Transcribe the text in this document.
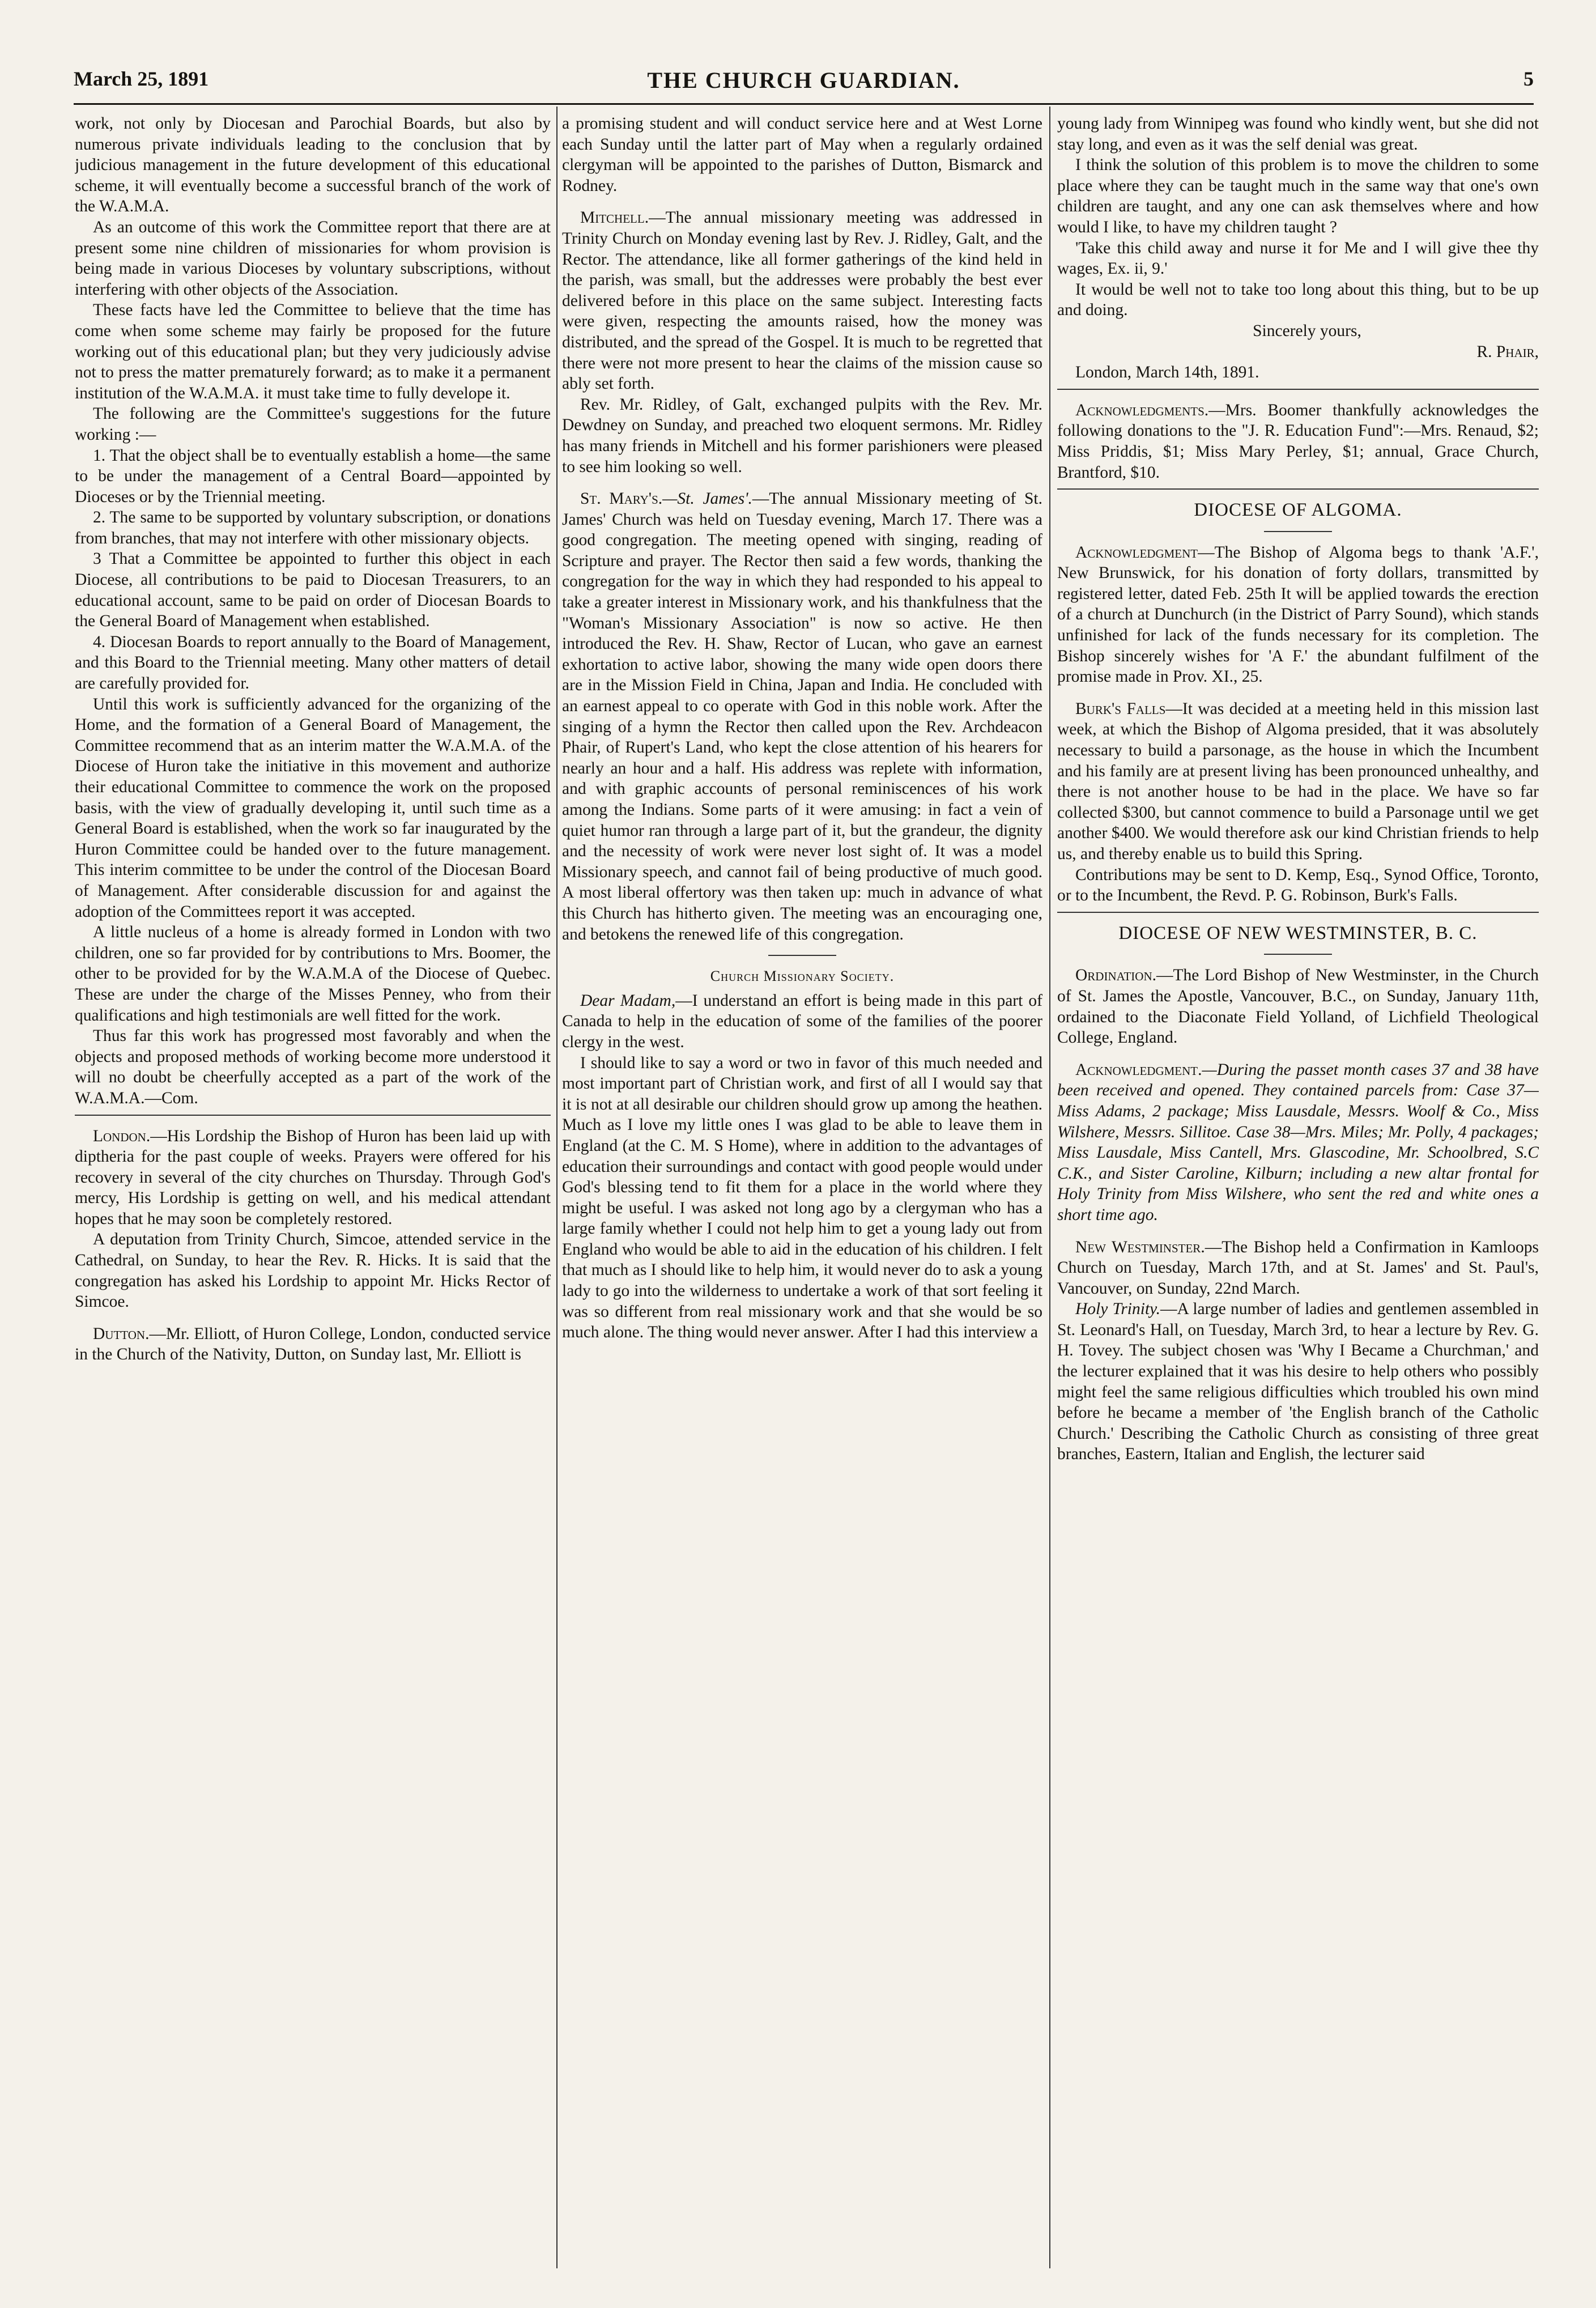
March 25, 1891	THE CHURCH GUARDIAN.	5

work, not only by Diocesan and Parochial Boards, but also by numerous private individuals leading to the conclusion that by judicious management in the future development of this educational scheme, it will eventually become a successful branch of the work of the W.A.M.A.

As an outcome of this work the Committee report that there are at present some nine children of missionaries for whom provision is being made in various Dioceses by voluntary subscriptions, without interfering with other objects of the Association.

These facts have led the Committee to believe that the time has come when some scheme may fairly be proposed for the future working out of this educational plan; but they very judiciously advise not to press the matter prematurely forward; as to make it a permanent institution of the W.A.M.A. it must take time to fully develope it.

The following are the Committee's suggestions for the future working :—

1. That the object shall be to eventually establish a home—the same to be under the management of a Central Board—appointed by Dioceses or by the Triennial meeting.

2. The same to be supported by voluntary subscription, or donations from branches, that may not interfere with other missionary objects.

3 That a Committee be appointed to further this object in each Diocese, all contributions to be paid to Diocesan Treasurers, to an educational account, same to be paid on order of Diocesan Boards to the General Board of Management when established.

4. Diocesan Boards to report annually to the Board of Management, and this Board to the Triennial meeting. Many other matters of detail are carefully provided for.

Until this work is sufficiently advanced for the organizing of the Home, and the formation of a General Board of Management, the Committee recommend that as an interim matter the W.A.M.A. of the Diocese of Huron take the initiative in this movement and authorize their educational Committee to commence the work on the proposed basis, with the view of gradually developing it, until such time as a General Board is established, when the work so far inaugurated by the Huron Committee could be handed over to the future management. This interim committee to be under the control of the Diocesan Board of Management. After considerable discussion for and against the adoption of the Committees report it was accepted.

A little nucleus of a home is already formed in London with two children, one so far provided for by contributions to Mrs. Boomer, the other to be provided for by the W.A.M.A of the Diocese of Quebec. These are under the charge of the Misses Penney, who from their qualifications and high testimonials are well fitted for the work.

Thus far this work has progressed most favorably and when the objects and proposed methods of working become more understood it will no doubt be cheerfully accepted as a part of the work of the W.A.M.A.—Com.

London.—His Lordship the Bishop of Huron has been laid up with diptheria for the past couple of weeks. Prayers were offered for his recovery in several of the city churches on Thursday. Through God's mercy, His Lordship is getting on well, and his medical attendant hopes that he may soon be completely restored.

A deputation from Trinity Church, Simcoe, attended service in the Cathedral, on Sunday, to hear the Rev. R. Hicks. It is said that the congregation has asked his Lordship to appoint Mr. Hicks Rector of Simcoe.

Dutton.—Mr. Elliott, of Huron College, London, conducted service in the Church of the Nativity, Dutton, on Sunday last, Mr. Elliott is

a promising student and will conduct service here and at West Lorne each Sunday until the latter part of May when a regularly ordained clergyman will be appointed to the parishes of Dutton, Bismarck and Rodney.

Mitchell.—The annual missionary meeting was addressed in Trinity Church on Monday evening last by Rev. J. Ridley, Galt, and the Rector. The attendance, like all former gatherings of the kind held in the parish, was small, but the addresses were probably the best ever delivered before in this place on the same subject. Interesting facts were given, respecting the amounts raised, how the money was distributed, and the spread of the Gospel. It is much to be regretted that there were not more present to hear the claims of the mission cause so ably set forth.

Rev. Mr. Ridley, of Galt, exchanged pulpits with the Rev. Mr. Dewdney on Sunday, and preached two eloquent sermons. Mr. Ridley has many friends in Mitchell and his former parishioners were pleased to see him looking so well.

St. Mary's.—St. James'.—The annual Missionary meeting of St. James' Church was held on Tuesday evening, March 17. There was a good congregation. The meeting opened with singing, reading of Scripture and prayer. The Rector then said a few words, thanking the congregation for the way in which they had responded to his appeal to take a greater interest in Missionary work, and his thankfulness that the "Woman's Missionary Association" is now so active. He then introduced the Rev. H. Shaw, Rector of Lucan, who gave an earnest exhortation to active labor, showing the many wide open doors there are in the Mission Field in China, Japan and India. He concluded with an earnest appeal to co operate with God in this noble work. After the singing of a hymn the Rector then called upon the Rev. Archdeacon Phair, of Rupert's Land, who kept the close attention of his hearers for nearly an hour and a half. His address was replete with information, and with graphic accounts of personal reminiscences of his work among the Indians. Some parts of it were amusing: in fact a vein of quiet humor ran through a large part of it, but the grandeur, the dignity and the necessity of work were never lost sight of. It was a model Missionary speech, and cannot fail of being productive of much good. A most liberal offertory was then taken up: much in advance of what this Church has hitherto given. The meeting was an encouraging one, and betokens the renewed life of this congregation.

Church Missionary Society.

Dear Madam,—I understand an effort is being made in this part of Canada to help in the education of some of the families of the poorer clergy in the west.

I should like to say a word or two in favor of this much needed and most important part of Christian work, and first of all I would say that it is not at all desirable our children should grow up among the heathen. Much as I love my little ones I was glad to be able to leave them in England (at the C. M. S Home), where in addition to the advantages of education their surroundings and contact with good people would under God's blessing tend to fit them for a place in the world where they might be useful. I was asked not long ago by a clergyman who has a large family whether I could not help him to get a young lady out from England who would be able to aid in the education of his children. I felt that much as I should like to help him, it would never do to ask a young lady to go into the wilderness to undertake a work of that sort feeling it was so different from real missionary work and that she would be so much alone. The thing would never answer. After I had this interview a

young lady from Winnipeg was found who kindly went, but she did not stay long, and even as it was the self denial was great.

I think the solution of this problem is to move the children to some place where they can be taught much in the same way that one's own children are taught, and any one can ask themselves where and how would I like, to have my children taught ?

'Take this child away and nurse it for Me and I will give thee thy wages, Ex. ii, 9.'

It would be well not to take too long about this thing, but to be up and doing.

Sincerely yours,

R. Phair,

London, March 14th, 1891.

Acknowledgments.—Mrs. Boomer thankfully acknowledges the following donations to the "J. R. Education Fund":—Mrs. Renaud, $2; Miss Priddis, $1; Miss Mary Perley, $1; annual, Grace Church, Brantford, $10.

DIOCESE OF ALGOMA.

Acknowledgment—The Bishop of Algoma begs to thank 'A.F.', New Brunswick, for his donation of forty dollars, transmitted by registered letter, dated Feb. 25th It will be applied towards the erection of a church at Dunchurch (in the District of Parry Sound), which stands unfinished for lack of the funds necessary for its completion. The Bishop sincerely wishes for 'A F.' the abundant fulfilment of the promise made in Prov. XI., 25.

Burk's Falls—It was decided at a meeting held in this mission last week, at which the Bishop of Algoma presided, that it was absolutely necessary to build a parsonage, as the house in which the Incumbent and his family are at present living has been pronounced unhealthy, and there is not another house to be had in the place. We have so far collected $300, but cannot commence to build a Parsonage until we get another $400. We would therefore ask our kind Christian friends to help us, and thereby enable us to build this Spring.

Contributions may be sent to D. Kemp, Esq., Synod Office, Toronto, or to the Incumbent, the Revd. P. G. Robinson, Burk's Falls.

DIOCESE OF NEW WESTMINSTER, B. C.

Ordination.—The Lord Bishop of New Westminster, in the Church of St. James the Apostle, Vancouver, B.C., on Sunday, January 11th, ordained to the Diaconate Field Yolland, of Lichfield Theological College, England.

Acknowledgment.—During the passet month cases 37 and 38 have been received and opened. They contained parcels from: Case 37—Miss Adams, 2 package; Miss Lausdale, Messrs. Woolf & Co., Miss Wilshere, Messrs. Sillitoe. Case 38—Mrs. Miles; Mr. Polly, 4 packages; Miss Lausdale, Miss Cantell, Mrs. Glascodine, Mr. Schoolbred, S.C C.K., and Sister Caroline, Kilburn; including a new altar frontal for Holy Trinity from Miss Wilshere, who sent the red and white ones a short time ago.

New Westminster.—The Bishop held a Confirmation in Kamloops Church on Tuesday, March 17th, and at St. James' and St. Paul's, Vancouver, on Sunday, 22nd March.

Holy Trinity.—A large number of ladies and gentlemen assembled in St. Leonard's Hall, on Tuesday, March 3rd, to hear a lecture by Rev. G. H. Tovey. The subject chosen was 'Why I Became a Churchman,' and the lecturer explained that it was his desire to help others who possibly might feel the same religious difficulties which troubled his own mind before he became a member of 'the English branch of the Catholic Church.' Describing the Catholic Church as consisting of three great branches, Eastern, Italian and English, the lecturer said
